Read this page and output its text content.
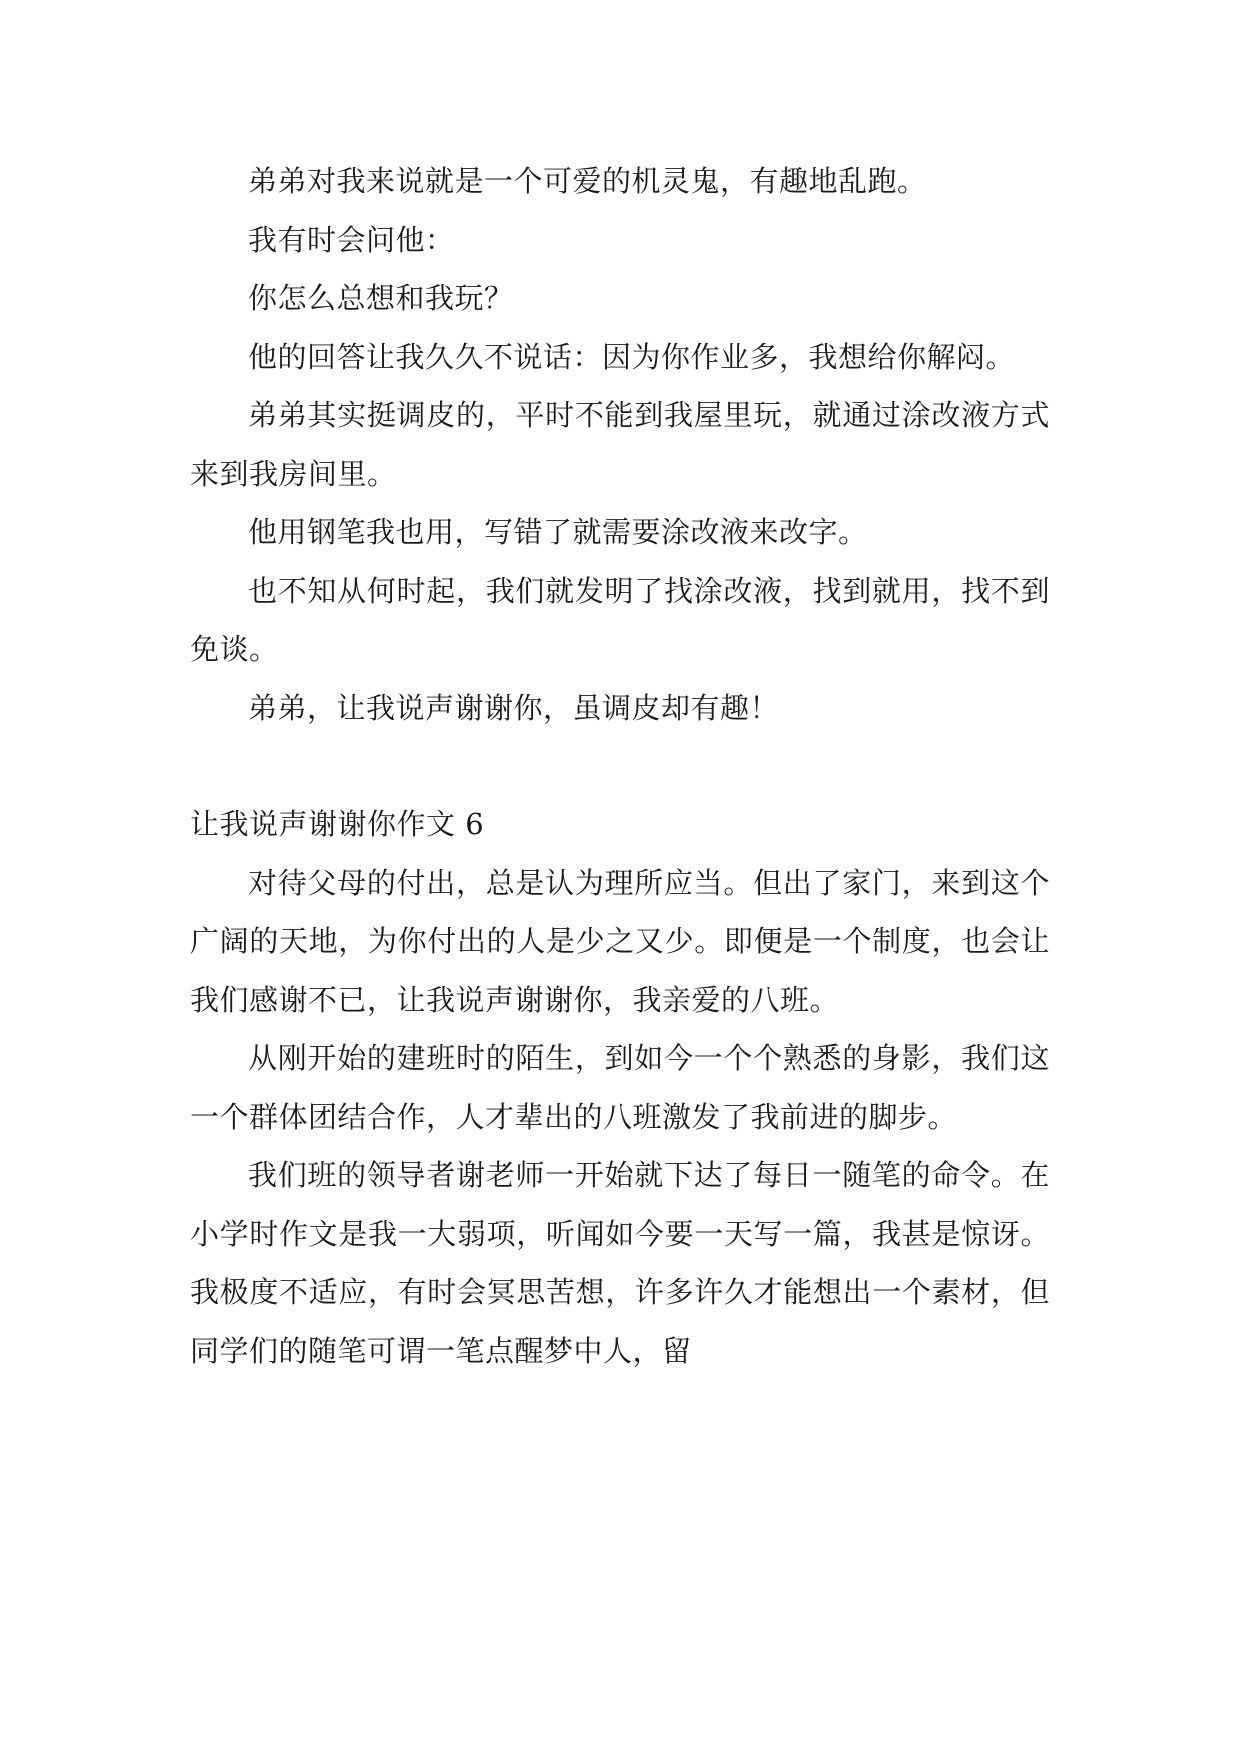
弟弟对我来说就是一个可爱的机灵鬼，有趣地乱跑。

我有时会问他：

你怎么总想和我玩？

他的回答让我久久不说话：因为你作业多，我想给你解闷。

弟弟其实挺调皮的，平时不能到我屋里玩，就通过涂改液方式来到我房间里。

他用钢笔我也用，写错了就需要涂改液来改字。

也不知从何时起，我们就发明了找涂改液，找到就用，找不到免谈。

弟弟，让我说声谢谢你，虽调皮却有趣！

让我说声谢谢你作文 6

对待父母的付出，总是认为理所应当。但出了家门，来到这个广阔的天地，为你付出的人是少之又少。即便是一个制度，也会让我们感谢不已，让我说声谢谢你，我亲爱的八班。

从刚开始的建班时的陌生，到如今一个个熟悉的身影，我们这一个群体团结合作，人才辈出的八班激发了我前进的脚步。

我们班的领导者谢老师一开始就下达了每日一随笔的命令。在小学时作文是我一大弱项，听闻如今要一天写一篇，我甚是惊讶。我极度不适应，有时会冥思苦想，许多许久才能想出一个素材，但同学们的随笔可谓一笔点醒梦中人，留
